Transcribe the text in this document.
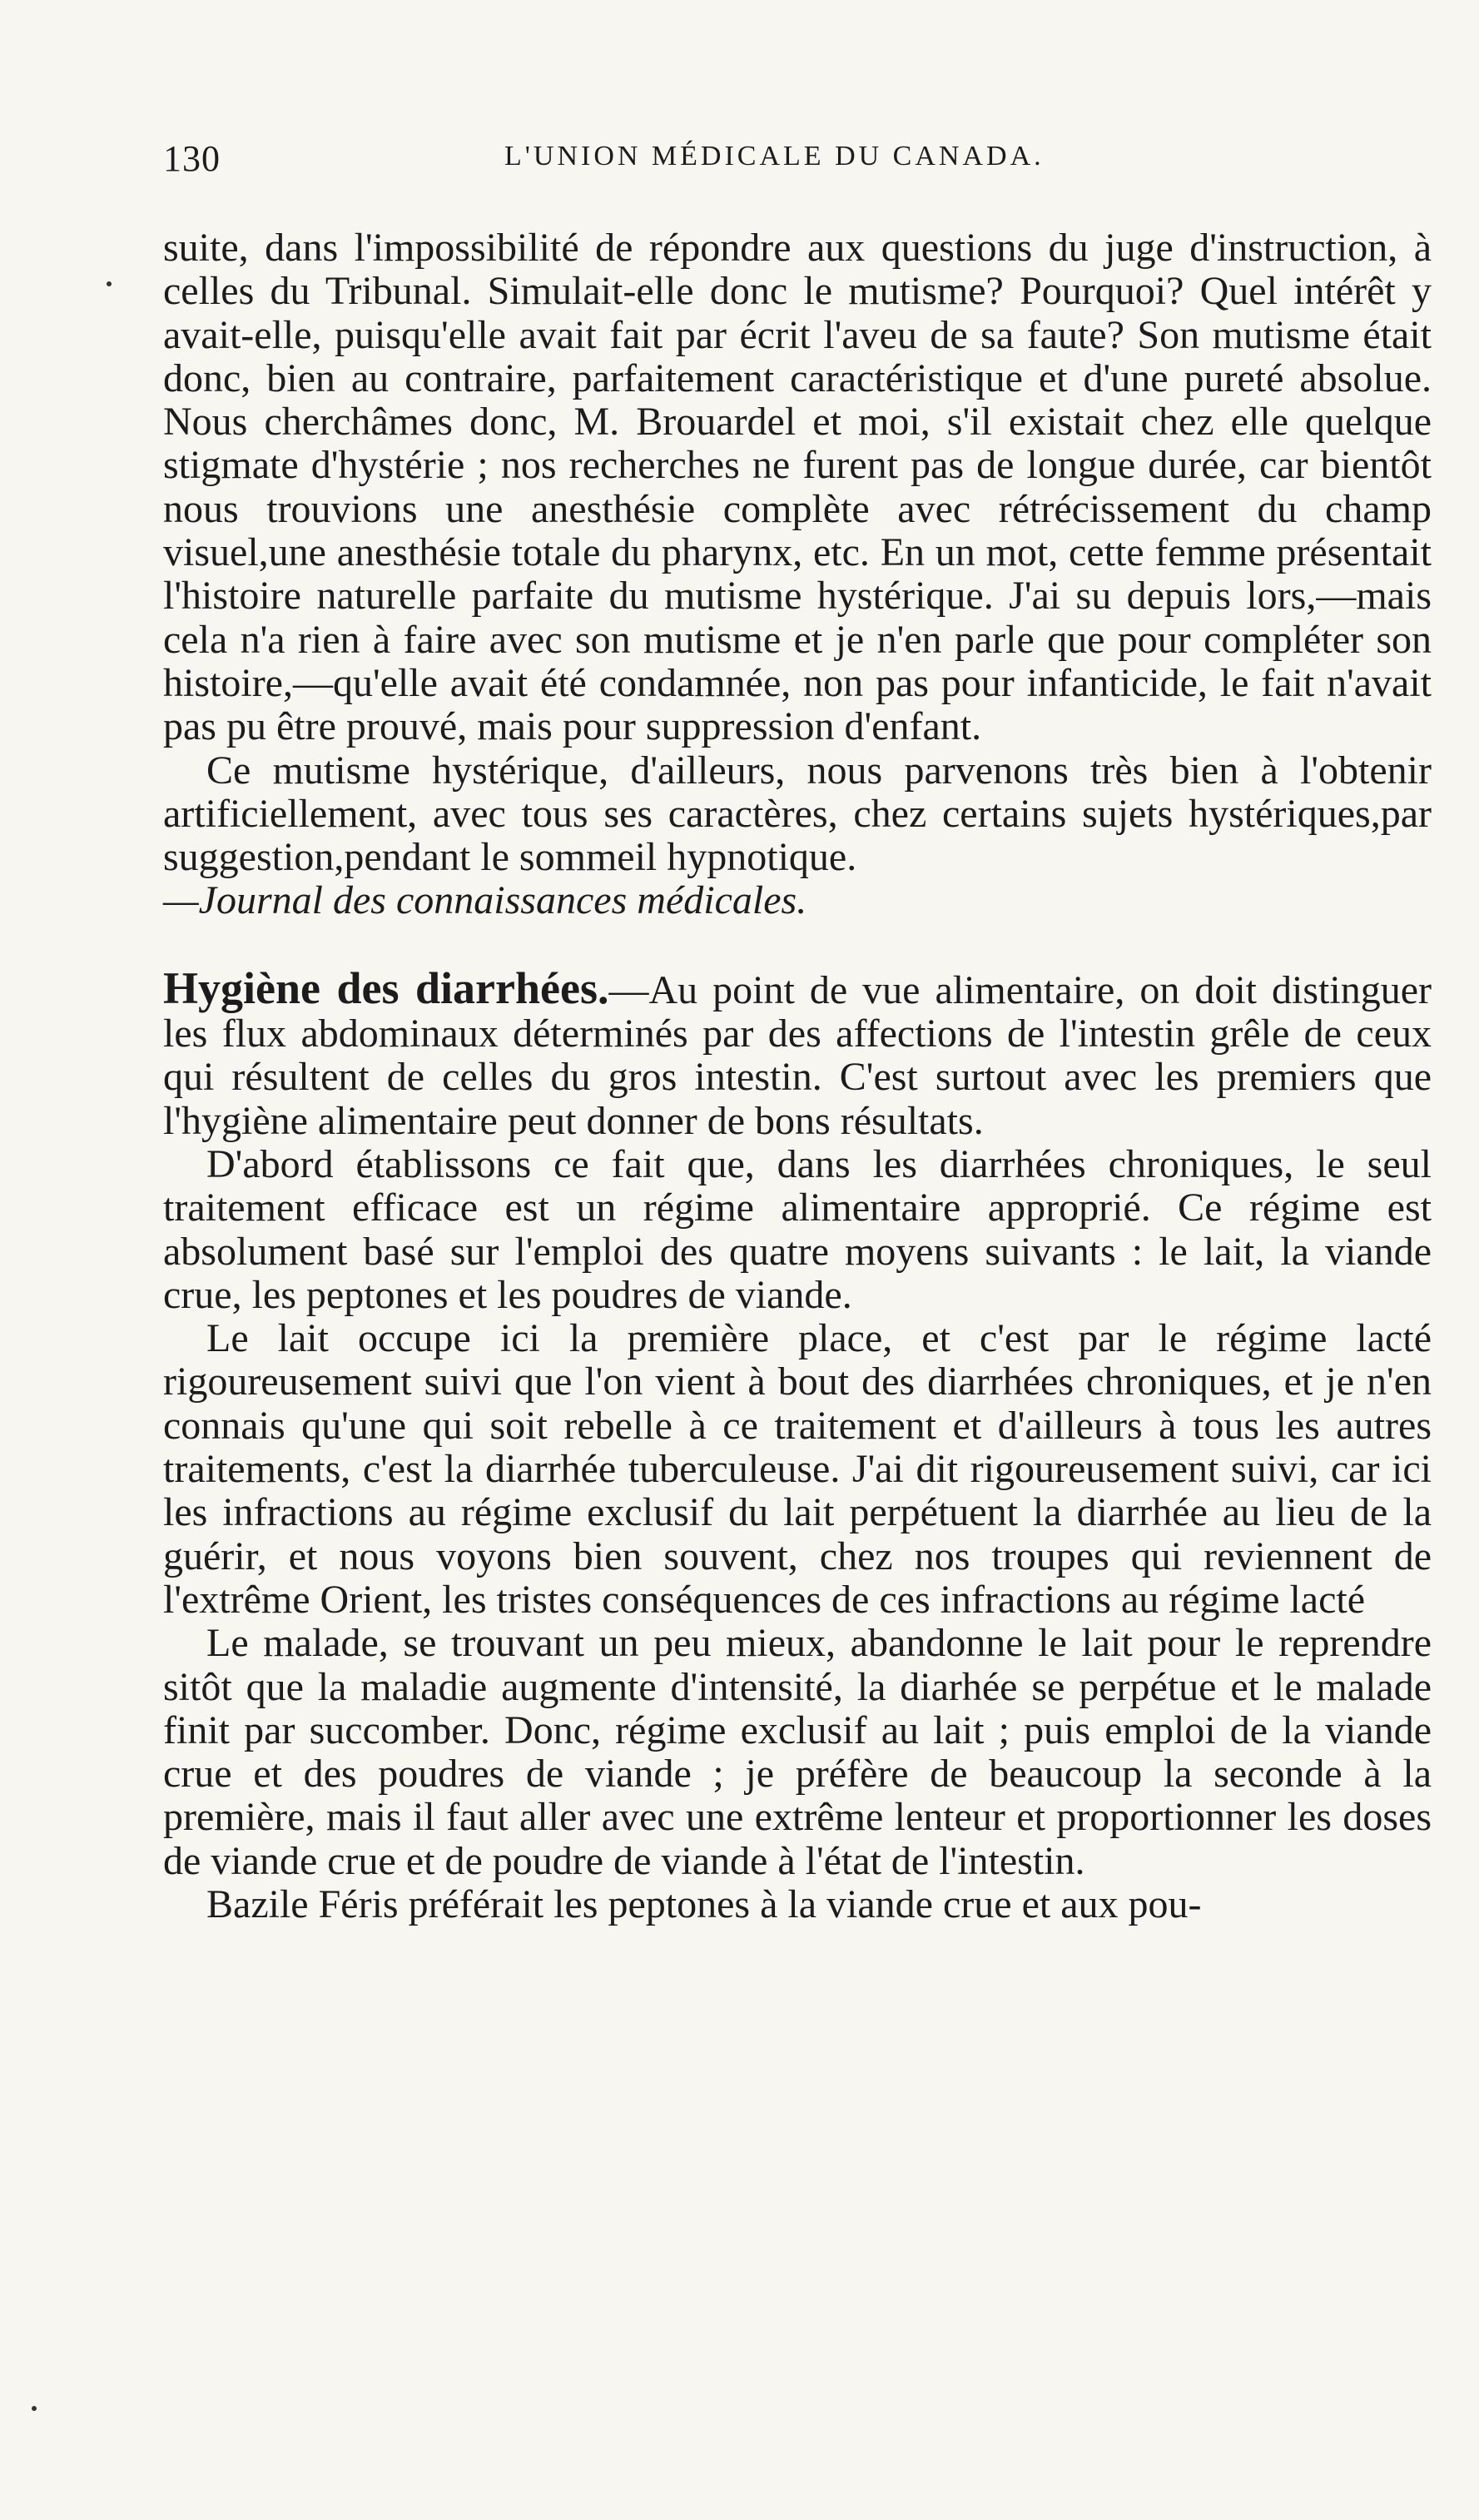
130	L'UNION MÉDICALE DU CANADA.

suite, dans l'impossibilité de répondre aux questions du juge d'instruction, à celles du Tribunal. Simulait-elle donc le mutisme? Pourquoi? Quel intérêt y avait-elle, puisqu'elle avait fait par écrit l'aveu de sa faute? Son mutisme était donc, bien au contraire, parfaitement caractéristique et d'une pureté absolue. Nous cherchâmes donc, M. Brouardel et moi, s'il existait chez elle quelque stigmate d'hystérie ; nos recherches ne furent pas de longue durée, car bientôt nous trouvions une anesthésie complète avec rétrécissement du champ visuel,une anesthésie totale du pharynx, etc. En un mot, cette femme présentait l'histoire naturelle parfaite du mutisme hystérique. J'ai su depuis lors,—mais cela n'a rien à faire avec son mutisme et je n'en parle que pour compléter son histoire,—qu'elle avait été condamnée, non pas pour infanticide, le fait n'avait pas pu être prouvé, mais pour suppression d'enfant.

Ce mutisme hystérique, d'ailleurs, nous parvenons très bien à l'obtenir artificiellement, avec tous ses caractères, chez certains sujets hystériques,par suggestion,pendant le sommeil hypnotique.

—Journal des connaissances médicales.

Hygiène des diarrhées.—Au point de vue alimentaire, on doit distinguer les flux abdominaux déterminés par des affections de l'intestin grêle de ceux qui résultent de celles du gros intestin. C'est surtout avec les premiers que l'hygiène alimentaire peut donner de bons résultats.

D'abord établissons ce fait que, dans les diarrhées chroniques, le seul traitement efficace est un régime alimentaire approprié. Ce régime est absolument basé sur l'emploi des quatre moyens suivants : le lait, la viande crue, les peptones et les poudres de viande.

Le lait occupe ici la première place, et c'est par le régime lacté rigoureusement suivi que l'on vient à bout des diarrhées chroniques, et je n'en connais qu'une qui soit rebelle à ce traitement et d'ailleurs à tous les autres traitements, c'est la diarrhée tuberculeuse. J'ai dit rigoureusement suivi, car ici les infractions au régime exclusif du lait perpétuent la diarrhée au lieu de la guérir, et nous voyons bien souvent, chez nos troupes qui reviennent de l'extrême Orient, les tristes conséquences de ces infractions au régime lacté

Le malade, se trouvant un peu mieux, abandonne le lait pour le reprendre sitôt que la maladie augmente d'intensité, la diarhée se perpétue et le malade finit par succomber. Donc, régime exclusif au lait ; puis emploi de la viande crue et des poudres de viande ; je préfère de beaucoup la seconde à la première, mais il faut aller avec une extrême lenteur et proportionner les doses de viande crue et de poudre de viande à l'état de l'intestin.

Bazile Féris préférait les peptones à la viande crue et aux pou-
